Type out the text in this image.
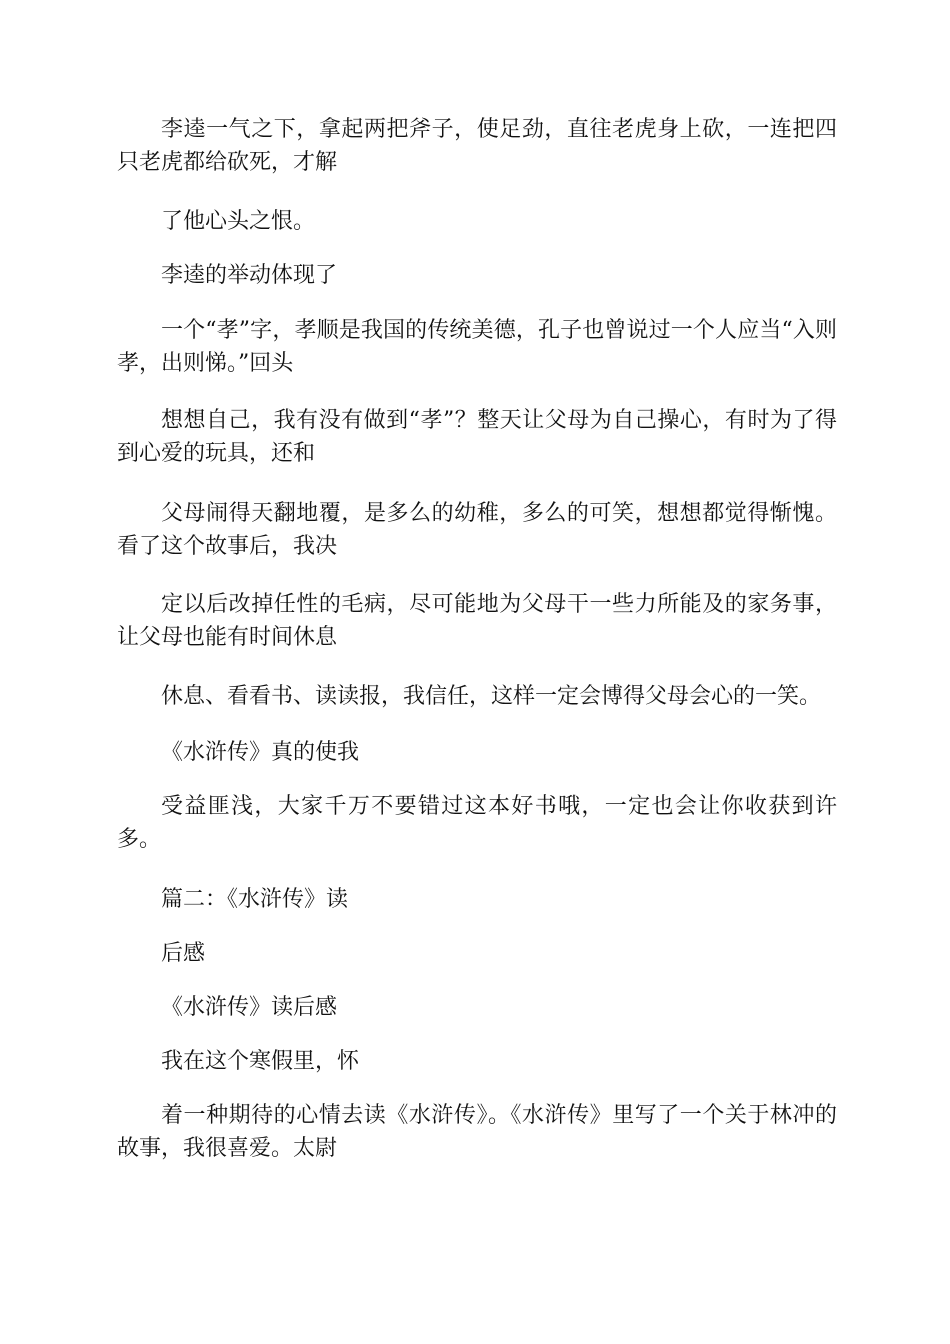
李逵一气之下，拿起两把斧子，使足劲，直往老虎身上砍，一连把四只老虎都给砍死，才解

了他心头之恨。

李逵的举动体现了

一个“孝”字，孝顺是我国的传统美德，孔子也曾说过一个人应当“入则孝，出则悌。”回头

想想自己，我有没有做到“孝”？整天让父母为自己操心，有时为了得到心爱的玩具，还和

父母闹得天翻地覆，是多么的幼稚，多么的可笑，想想都觉得惭愧。看了这个故事后，我决

定以后改掉任性的毛病，尽可能地为父母干一些力所能及的家务事，让父母也能有时间休息

休息、看看书、读读报，我信任，这样一定会博得父母会心的一笑。

《水浒传》真的使我

受益匪浅，大家千万不要错过这本好书哦，一定也会让你收获到许多。

篇二：《水浒传》读

后感

《水浒传》读后感

我在这个寒假里，怀

着一种期待的心情去读《水浒传》。《水浒传》里写了一个关于林冲的故事，我很喜爱。太尉
